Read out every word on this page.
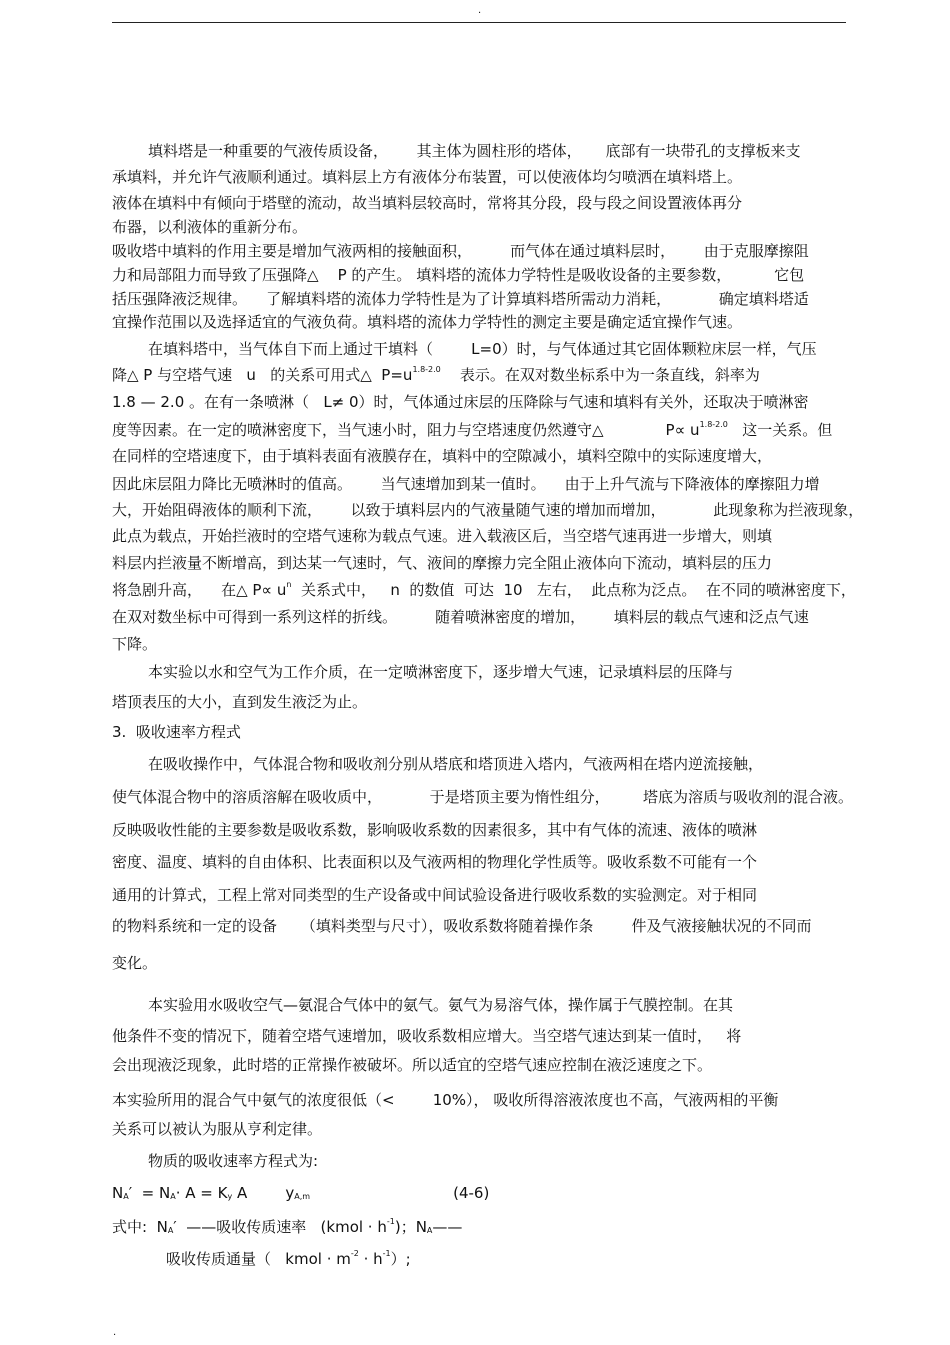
.
填料塔是一种重要的气液传质设备，      其主体为圆柱形的塔体，     底部有一块带孔的支撑板来支
承填料，并允许气液顺利通过。填料层上方有液体分布装置，可以使液体均匀喷洒在填料塔上。
液体在填料中有倾向于塔壁的流动，故当填料层较高时，常将其分段，段与段之间设置液体再分
布器，以利液体的重新分布。
吸收塔中填料的作用主要是增加气液两相的接触面积，        而气体在通过填料层时，      由于克服摩擦阻
力和局部阻力而导致了压强降△    P 的产生。 填料塔的流体力学特性是吸收设备的主要参数，         它包
括压强降液泛规律。    了解填料塔的流体力学特性是为了计算填料塔所需动力消耗，          确定填料塔适
宜操作范围以及选择适宜的气液负荷。填料塔的流体力学特性的测定主要是确定适宜操作气速。
在填料塔中，当气体自下而上通过干填料（        L=0）时，与气体通过其它固体颗粒床层一样，气压
降△ P 与空塔气速   u   的关系可用式△  $P=u^{1.8-2.0}$    表示。在双对数坐标系中为一条直线，斜率为
1.8 — 2.0 。在有一条喷淋（   L≠ 0）时，气体通过床层的压降除与气速和填料有关外，还取决于喷淋密
度等因素。在一定的喷淋密度下，当气速小时，阻力与空塔速度仍然遵守△             $P\propto u^{1.8-2.0}$   这一关系。但
在同样的空塔速度下，由于填料表面有液膜存在，填料中的空隙减小，填料空隙中的实际速度增大，
因此床层阻力降比无喷淋时的值高。      当气速增加到某一值时。    由于上升气流与下降液体的摩擦阻力增
大，开始阻碍液体的顺利下流，      以致于填料层内的气液量随气速的增加而增加，          此现象称为拦液现象，
此点为载点，开始拦液时的空塔气速称为载点气速。进入载液区后，当空塔气速再进一步增大，则填
料层内拦液量不断增高，到达某一气速时，气、液间的摩擦力完全阻止液体向下流动，填料层的压力
将急剧升高，    在△ $P\propto u^n$  关系式中，   n  的数值  可达  10   左右，  此点称为泛点。  在不同的喷淋密度下，
在双对数坐标中可得到一系列这样的折线。        随着喷淋密度的增加，      填料层的载点气速和泛点气速
下降。
本实验以水和空气为工作介质，在一定喷淋密度下，逐步增大气速，记录填料层的压降与
塔顶表压的大小，直到发生液泛为止。
3.  吸收速率方程式
在吸收操作中，气体混合物和吸收剂分别从塔底和塔顶进入塔内，气液两相在塔内逆流接触，
使气体混合物中的溶质溶解在吸收质中，          于是塔顶主要为惰性组分，       塔底为溶质与吸收剂的混合液。
反映吸收性能的主要参数是吸收系数，影响吸收系数的因素很多，其中有气体的流速、液体的喷淋
密度、温度、填料的自由体积、比表面积以及气液两相的物理化学性质等。吸收系数不可能有一个
通用的计算式，工程上常对同类型的生产设备或中间试验设备进行吸收系数的实验测定。对于相同
的物料系统和一定的设备     （填料类型与尺寸），吸收系数将随着操作条        件及气液接触状况的不同而
变化。
本实验用水吸收空气—氨混合气体中的氨气。氨气为易溶气体，操作属于气膜控制。在其
他条件不变的情况下，随着空塔气速增加，吸收系数相应增大。当空塔气速达到某一值时，   将
会出现液泛现象，此时塔的正常操作被破坏。所以适宜的空塔气速应控制在液泛速度之下。
本实验所用的混合气中氨气的浓度很低（<        10%）， 吸收所得溶液浓度也不高，气液两相的平衡
关系可以被认为服从亨利定律。
物质的吸收速率方程式为:
NA′  = NA· A = Ky A        yA,m                              (4-6)
式中:  NA′  ——吸收传质速率   (kmol · $h^{-1}$)；NA——
吸收传质通量（   kmol · $m^{-2} \cdot h^{-1}$）;
.
